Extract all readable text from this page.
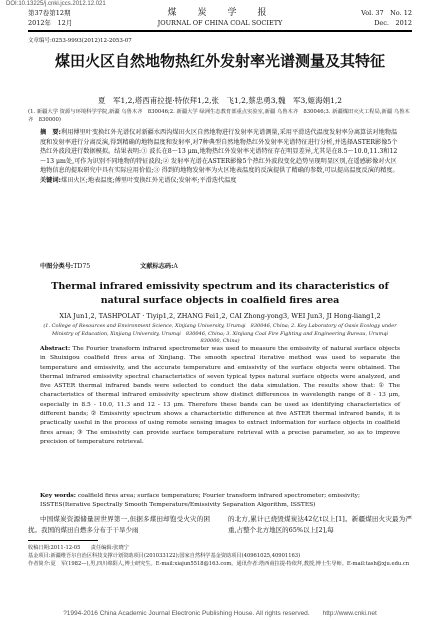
DOI:10.13225/j.cnki.jccs.2012.12.021
第37卷第12期
2012年　12月
煤　炭　学　报
JOURNAL OF CHINA COAL SOCIETY
Vol. 37　No. 12
Dec.　2012
文章编号:0253-9993(2012)12-2053-07
煤田火区自然地物热红外发射率光谱测量及其特征
夏　军1,2,塔西甫拉提·特依拜1,2,张　飞1,2,蔡忠勇3,魏　军3,姬海娟1,2
(1. 新疆大学 资源与环境科学学院,新疆 乌鲁木齐　830046;2. 新疆大学 绿洲生态教育部重点实验室,新疆 乌鲁木齐　830046;3. 新疆煤田灭火工程局,新疆 乌鲁木齐　830000)
摘　要:利用傅里叶变换红外光谱仪对新疆水西沟煤田火区自然地物进行发射率光谱测量,采用平滑迭代温度发射率分离算法对地物温度和发射率进行分离反演,得到精确的地物温度和发射率,对7种典型自然地物热红外发射率光谱特征进行分析,并选择ASTER影像5个热红外波段进行数据模拟。结果表明:① 波长在8～13 μm,地物热红外发射率光谱特征存在明显差异,尤其是在8.5～10.0,11.3和12～13 μm处,可作为识别不同地物的特征波段;② 发射率光谱在ASTER影像5个热红外波段变化趋势呈现明显区别,在遥感影像对火区地物信息的提取研究中具有实际应用价值;③ 得到的地物发射率为火区地表温度的反演提供了精确的参数,可以提高温度反演的精度。
关键词:煤田火区;地表温度;傅里叶变换红外光谱仪;发射率;平滑迭代温度
中图分类号:TD75	文献标志码:A
Thermal infrared emissivity spectrum and its characteristics of natural surface objects in coalfield fires area
XIA Jun1,2, TASHPOLAT · Tiyip1,2, ZHANG Fei1,2, CAI Zhong-yong3, WEI Jun3, JI Hong-liang1,2
(1. College of Resources and Environment Science, Xinjiang University, Urumqi　830046, China; 2. Key Laboratory of Oasis Ecology under Ministry of Education, Xinjiang University, Urumqi　830046, China; 3. Xinjiang Coal Fire Fighting and Engineering Bureau, Urumqi　830000, China)
Abstract: The Fourier transform infrared spectrometer was used to measure the emissivity of natural surface objects in Shuixigou coalfield fires area of Xinjiang. The smooth spectral iterative method was used to separate the temperature and emissivity, and the accurate temperature and emissivity of the surface objects were obtained. The thermal infrared emissivity spectral characteristics of seven typical types natural surface objects were analyzed, and five ASTER thermal infrared bands were selected to conduct the data simulation. The results show that: ① The characteristics of thermal infrared emissivity spectrum show distinct differences in wavelength range of 8 - 13 μm, especially in 8.5 - 10.0, 11.3 and 12 - 13 μm. Therefore these bands can be used as identifying characteristics of different bands; ② Emissivity spectrum shows a characteristic difference at five ASTER thermal infrared bands, it is practically useful in the process of using remote sensing images to extract information for surface objects in coalfield fires areas; ③ The emissivity can provide surface temperature retrieval with a precise parameter, so as to improve precision of temperature retrieval.
Key words: coalfield fires area; surface temperature; Fourier transform infrared spectrometer; emissivity; ISSTES(Iterative Spectrally Smooth Temperature/Emissivity Separation Algorithm, ISSTES)
中国煤炭资源储量居世界第一,但据多煤田却饱受火灾的困扰。我国的煤田自燃多分布于干旱少雨
的北方,累计已烧毁煤炭达42亿t以上[1]。新疆煤田火灾最为严重,占整个北方地区的65%以上[2],每
收稿日期:2011-12-05　　责任编辑:张晓宁
基金项目:新疆维吾尔自治区科技支撑计划资助项目(201033122);国家自然科学基金资助项目(40961025,40901163)
作者简介:夏　军(1982—),男,四川绵阳人,博士研究生。E-mail:xiajun5518@163.com。通讯作者:塔西甫拉提·特依拜,教授,博士生导师。E-mail:tash@xju.edu.cn
?1994-2016 China Academic Journal Electronic Publishing House. All rights reserved.　　http://www.cnki.net
